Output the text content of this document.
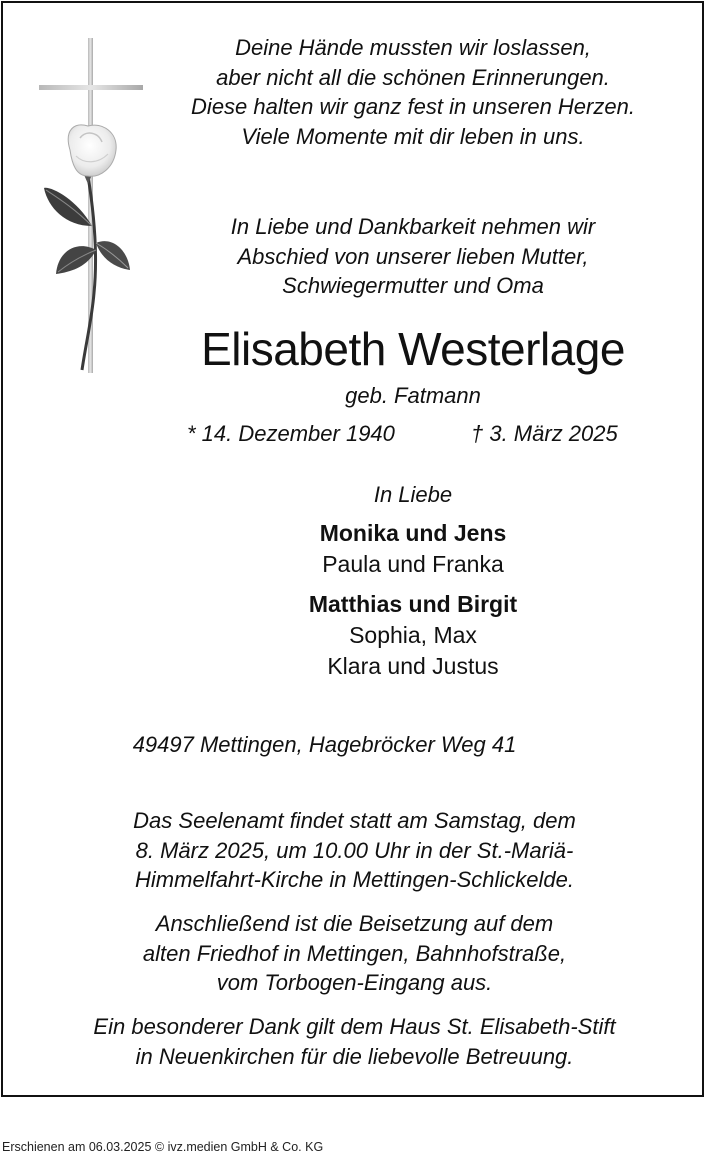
Deine Hände mussten wir loslassen,
aber nicht all die schönen Erinnerungen.
Diese halten wir ganz fest in unseren Herzen.
Viele Momente mit dir leben in uns.
In Liebe und Dankbarkeit nehmen wir
Abschied von unserer lieben Mutter,
Schwiegermutter und Oma
Elisabeth Westerlage
geb. Fatmann
* 14. Dezember 1940	† 3. März 2025
In Liebe
Monika und Jens
Paula und Franka
Matthias und Birgit
Sophia, Max
Klara und Justus
49497 Mettingen, Hagebröcker Weg 41
Das Seelenamt findet statt am Samstag, dem
8. März 2025, um 10.00 Uhr in der St.-Mariä-
Himmelfahrt-Kirche in Mettingen-Schlickelde.
Anschließend ist die Beisetzung auf dem
alten Friedhof in Mettingen, Bahnhofstraße,
vom Torbogen-Eingang aus.
Ein besonderer Dank gilt dem Haus St. Elisabeth-Stift
in Neuenkirchen für die liebevolle Betreuung.
Erschienen am 06.03.2025 © ivz.medien GmbH & Co. KG
